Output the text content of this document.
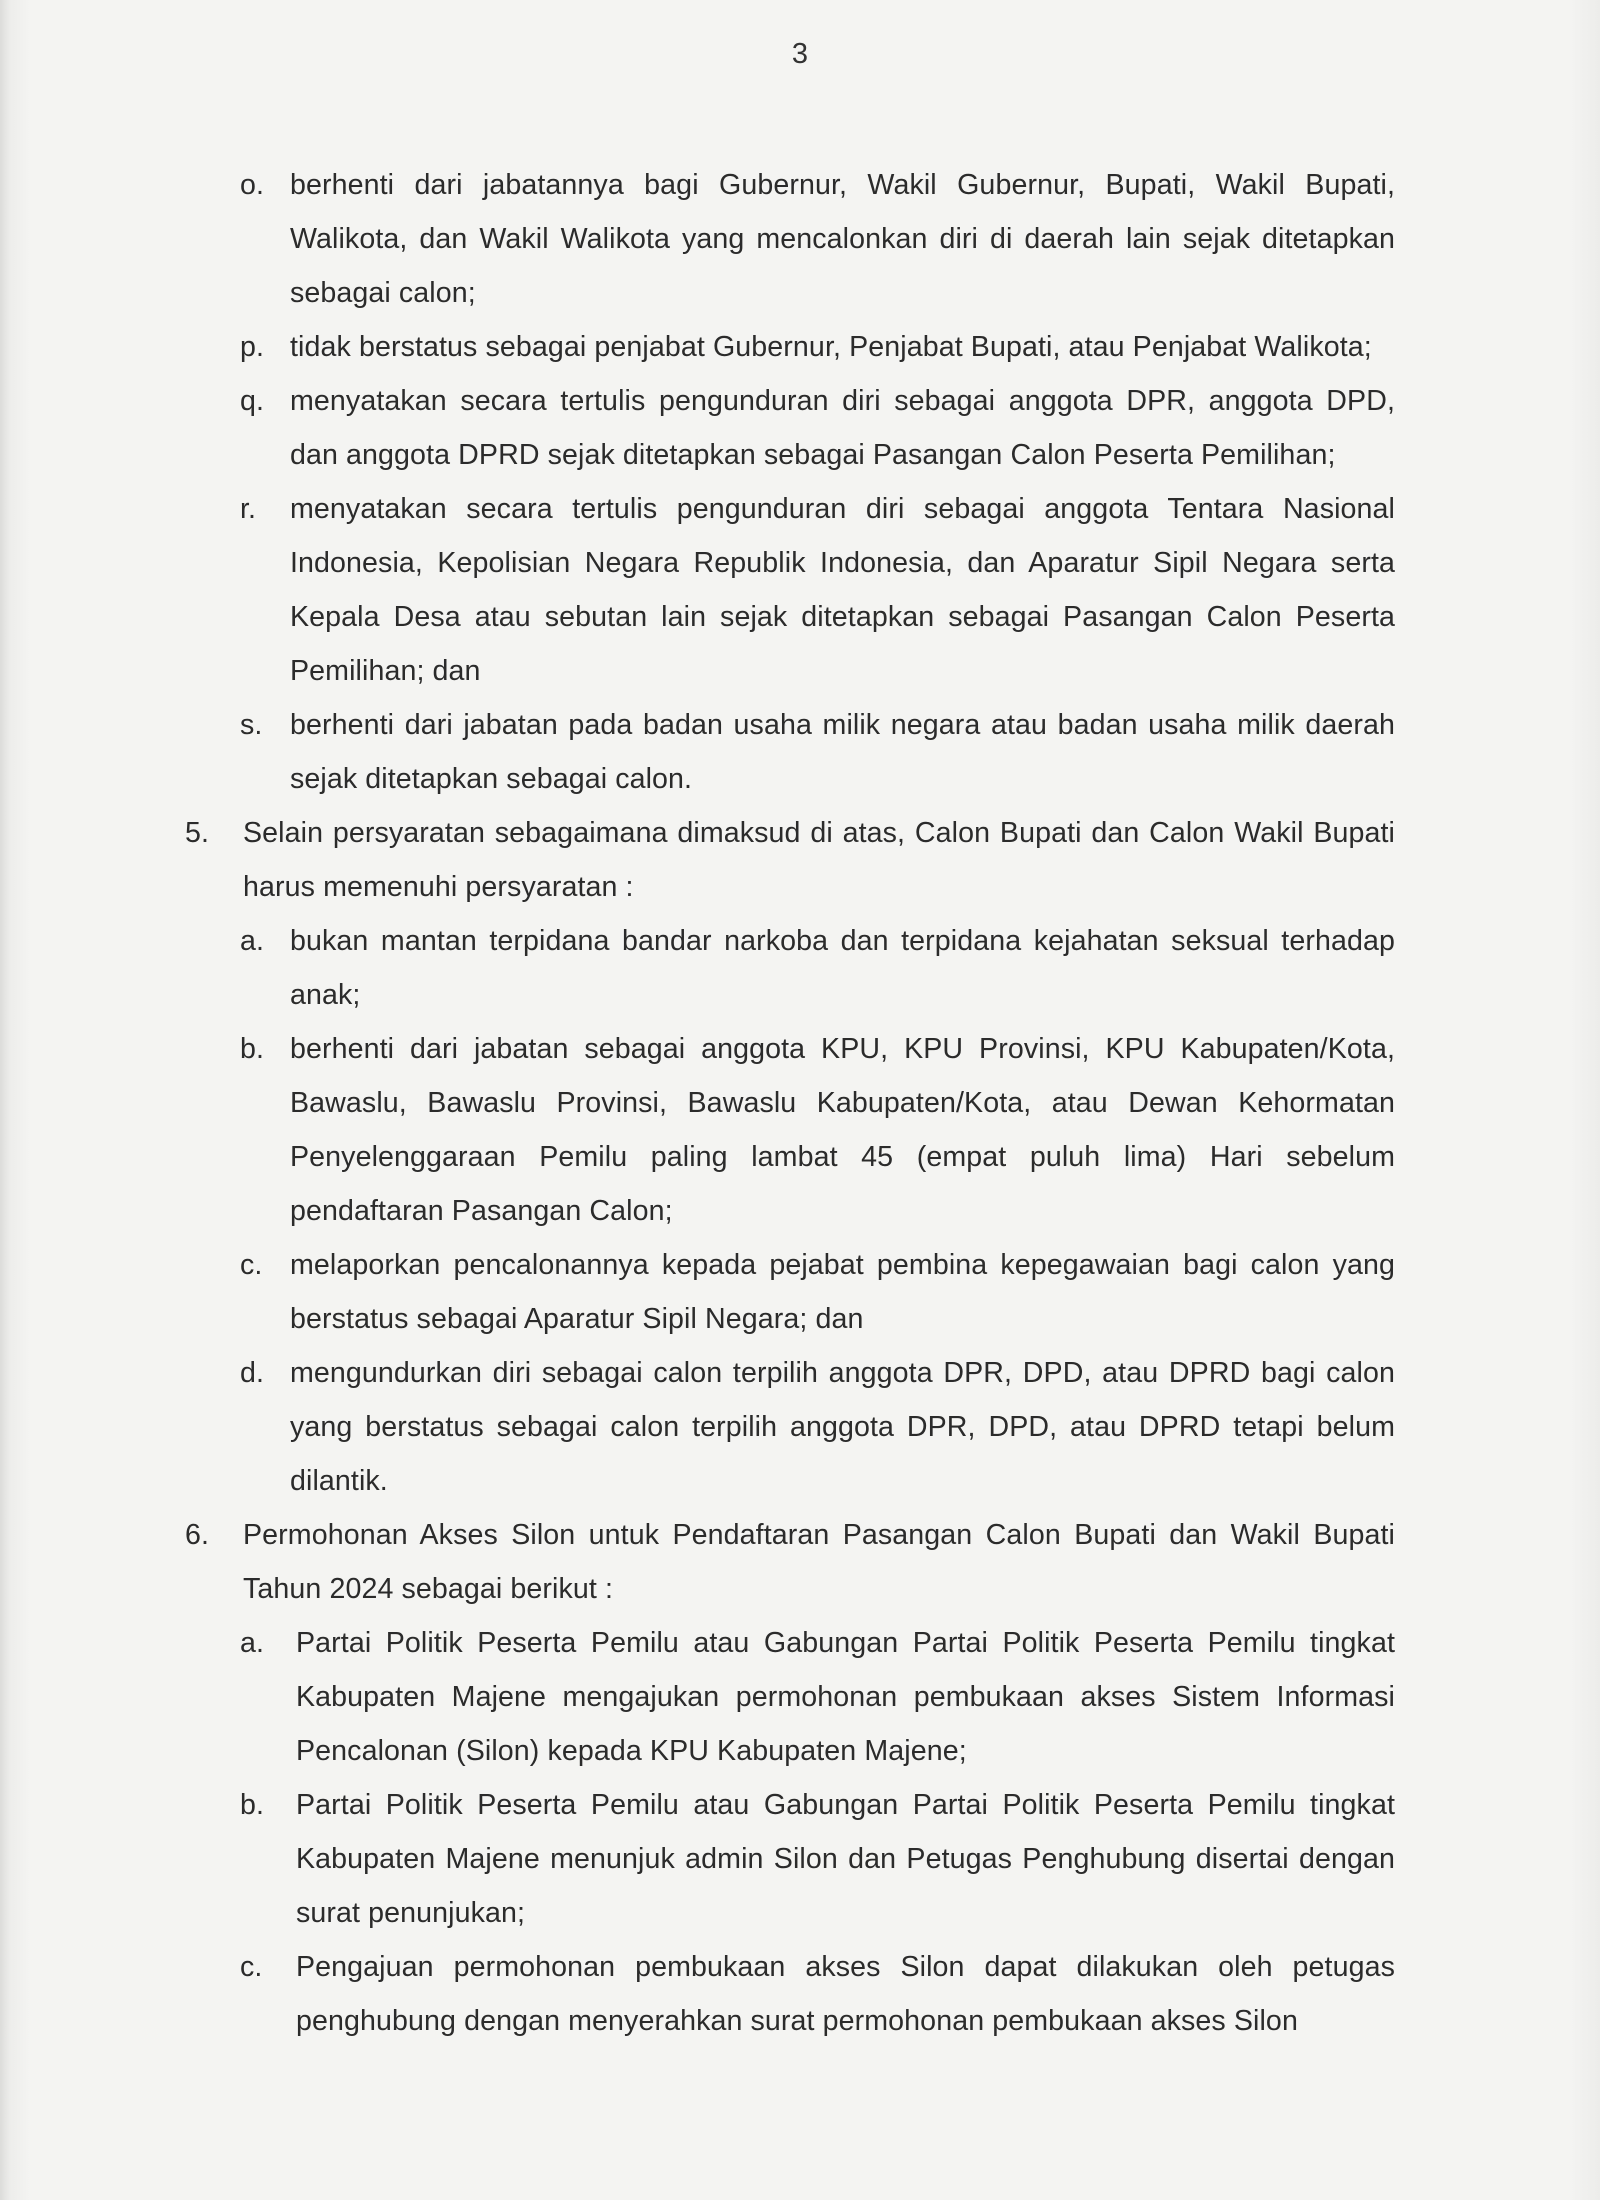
3
o. berhenti dari jabatannya bagi Gubernur, Wakil Gubernur, Bupati, Wakil Bupati, Walikota, dan Wakil Walikota yang mencalonkan diri di daerah lain sejak ditetapkan sebagai calon;
p. tidak berstatus sebagai penjabat Gubernur, Penjabat Bupati, atau Penjabat Walikota;
q. menyatakan secara tertulis pengunduran diri sebagai anggota DPR, anggota DPD, dan anggota DPRD sejak ditetapkan sebagai Pasangan Calon Peserta Pemilihan;
r. menyatakan secara tertulis pengunduran diri sebagai anggota Tentara Nasional Indonesia, Kepolisian Negara Republik Indonesia, dan Aparatur Sipil Negara serta Kepala Desa atau sebutan lain sejak ditetapkan sebagai Pasangan Calon Peserta Pemilihan; dan
s. berhenti dari jabatan pada badan usaha milik negara atau badan usaha milik daerah sejak ditetapkan sebagai calon.
5.	Selain persyaratan sebagaimana dimaksud di atas, Calon Bupati dan Calon Wakil Bupati harus memenuhi persyaratan :
a. bukan mantan terpidana bandar narkoba dan terpidana kejahatan seksual terhadap anak;
b. berhenti dari jabatan sebagai anggota KPU, KPU Provinsi, KPU Kabupaten/Kota, Bawaslu, Bawaslu Provinsi, Bawaslu Kabupaten/Kota, atau Dewan Kehormatan Penyelenggaraan Pemilu paling lambat 45 (empat puluh lima) Hari sebelum pendaftaran Pasangan Calon;
c. melaporkan pencalonannya kepada pejabat pembina kepegawaian bagi calon yang berstatus sebagai Aparatur Sipil Negara; dan
d. mengundurkan diri sebagai calon terpilih anggota DPR, DPD, atau DPRD bagi calon yang berstatus sebagai calon terpilih anggota DPR, DPD, atau DPRD tetapi belum dilantik.
6.	Permohonan Akses Silon untuk Pendaftaran Pasangan Calon Bupati dan Wakil Bupati Tahun 2024 sebagai berikut :
a. Partai Politik Peserta Pemilu atau Gabungan Partai Politik Peserta Pemilu tingkat Kabupaten Majene mengajukan permohonan pembukaan akses Sistem Informasi Pencalonan (Silon) kepada KPU Kabupaten Majene;
b. Partai Politik Peserta Pemilu atau Gabungan Partai Politik Peserta Pemilu tingkat Kabupaten Majene menunjuk admin Silon dan Petugas Penghubung disertai dengan surat penunjukan;
c. Pengajuan permohonan pembukaan akses Silon dapat dilakukan oleh petugas penghubung dengan menyerahkan surat permohonan pembukaan akses Silon
